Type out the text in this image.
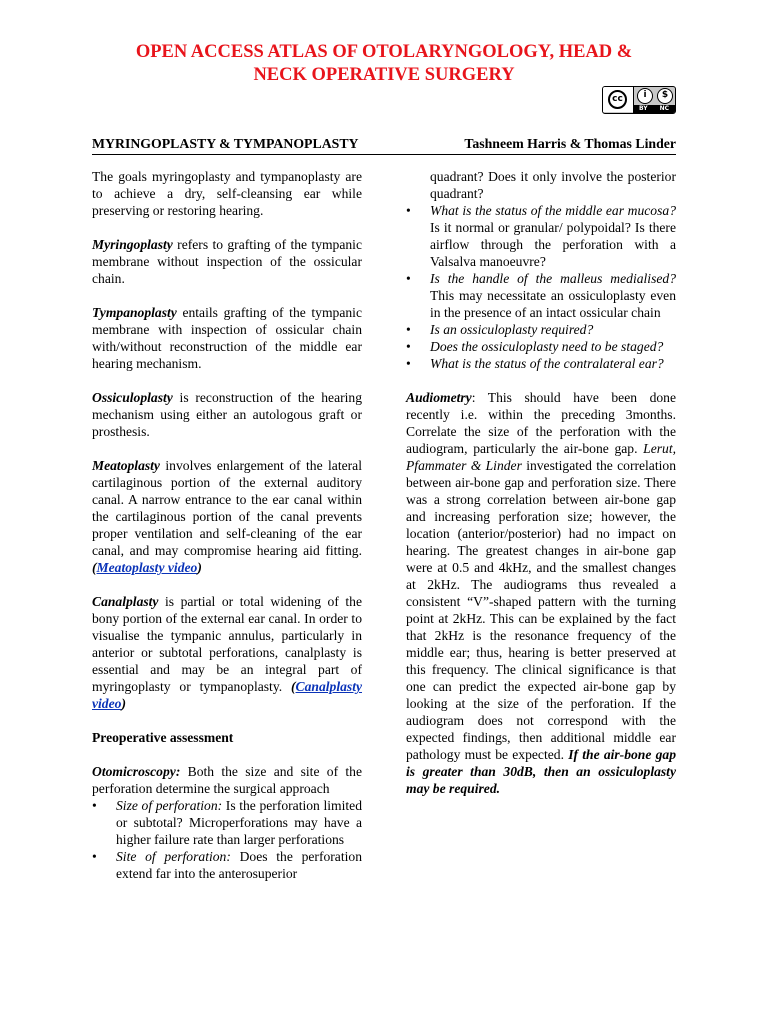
OPEN ACCESS ATLAS OF OTOLARYNGOLOGY, HEAD &
NECK OPERATIVE SURGERY
cc	i	$
BY NC
MYRINGOPLASTY & TYMPANOPLASTY	Tashneem Harris & Thomas Linder

The goals myringoplasty and tympanoplasty are to achieve a dry, self-cleansing ear while preserving or restoring hearing.

Myringoplasty refers to grafting of the tympanic membrane without inspection of the ossicular chain.

Tympanoplasty entails grafting of the tympanic membrane with inspection of ossicular chain with/without reconstruction of the middle ear hearing mechanism.

Ossiculoplasty is reconstruction of the hearing mechanism using either an autologous graft or prosthesis.

Meatoplasty involves enlargement of the lateral cartilaginous portion of the external auditory canal. A narrow entrance to the ear canal within the cartilaginous portion of the canal prevents proper ventilation and self-cleaning of the ear canal, and may compromise hearing aid fitting. (Meatoplasty video)

Canalplasty is partial or total widening of the bony portion of the external ear canal. In order to visualise the tympanic annulus, particularly in anterior or subtotal perforations, canalplasty is essential and may be an integral part of myringoplasty or tympanoplasty. (Canalplasty video)

Preoperative assessment

Otomicroscopy: Both the size and site of the perforation determine the surgical approach

• Size of perforation: Is the perforation limited or subtotal? Microperforations may have a higher failure rate than larger perforations
• Site of perforation: Does the perforation extend far into the anterosuperior
quadrant? Does it only involve the posterior quadrant?
• What is the status of the middle ear mucosa? Is it normal or granular/ polypoidal? Is there airflow through the perforation with a Valsalva manoeuvre?
• Is the handle of the malleus medialised? This may necessitate an ossiculoplasty even in the presence of an intact ossicular chain
• Is an ossiculoplasty required?
• Does the ossiculoplasty need to be staged?
• What is the status of the contralateral ear?

Audiometry: This should have been done recently i.e. within the preceding 3months. Correlate the size of the perforation with the audiogram, particularly the air-bone gap. Lerut, Pfammater & Linder investigated the correlation between air-bone gap and perforation size. There was a strong correlation between air-bone gap and increasing perforation size; however, the location (anterior/posterior) had no impact on hearing. The greatest changes in air-bone gap were at 0.5 and 4kHz, and the smallest changes at 2kHz. The audiograms thus revealed a consistent “V”-shaped pattern with the turning point at 2kHz. This can be explained by the fact that 2kHz is the resonance frequency of the middle ear; thus, hearing is better preserved at this frequency. The clinical significance is that one can predict the expected air-bone gap by looking at the size of the perforation. If the audiogram does not correspond with the expected findings, then additional middle ear pathology must be expected. If the air-bone gap is greater than 30dB, then an ossiculoplasty may be required.
